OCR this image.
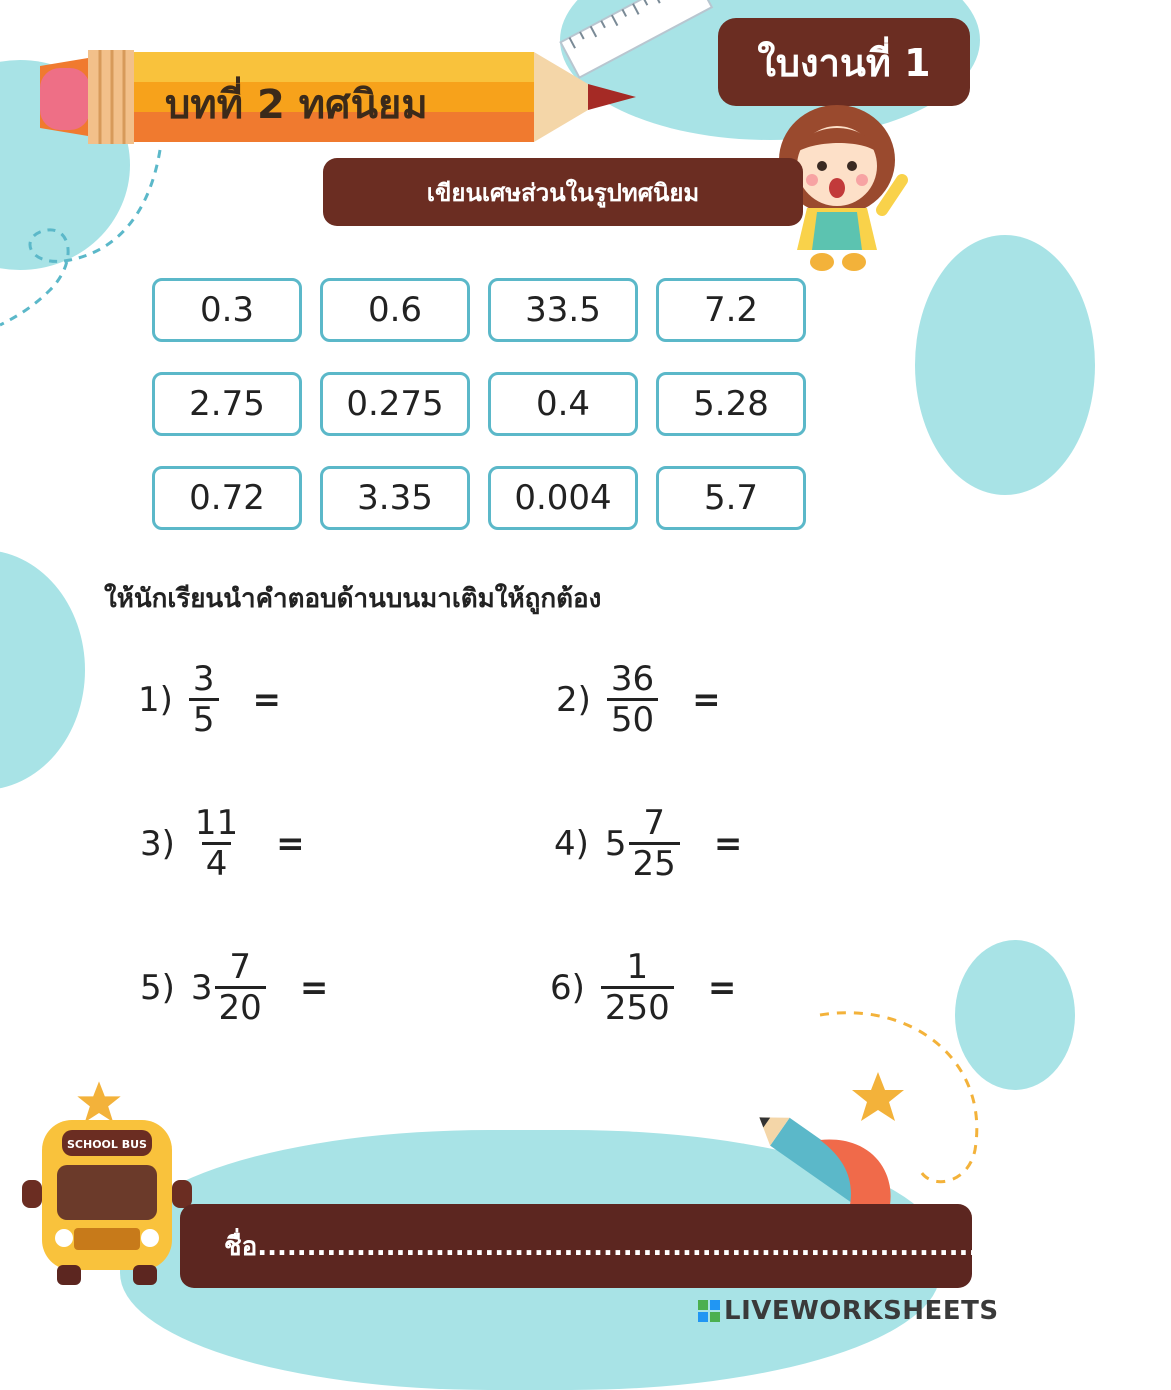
บทที่ 2 ทศนิยม
ใบงานที่ 1
เขียนเศษส่วนในรูปทศนิยม
0.3	0.6	33.5	7.2
2.75	0.275	0.4	5.28
0.72	3.35	0.004	5.7
ให้นักเรียนนำคำตอบด้านบนมาเติมให้ถูกต้อง
$1) \frac{3}{5}$ =	$2) \frac{36}{50}$ =
$3) \frac{11}{4}$ =	4) $5 \frac{7}{25}$ =
5) $3 \frac{7}{20}$ =	$6) \frac{1}{250}$ =
SCHOOL BUS
ชื่อ......................................................................... ชั้น .............
LIVEWORKSHEETS
